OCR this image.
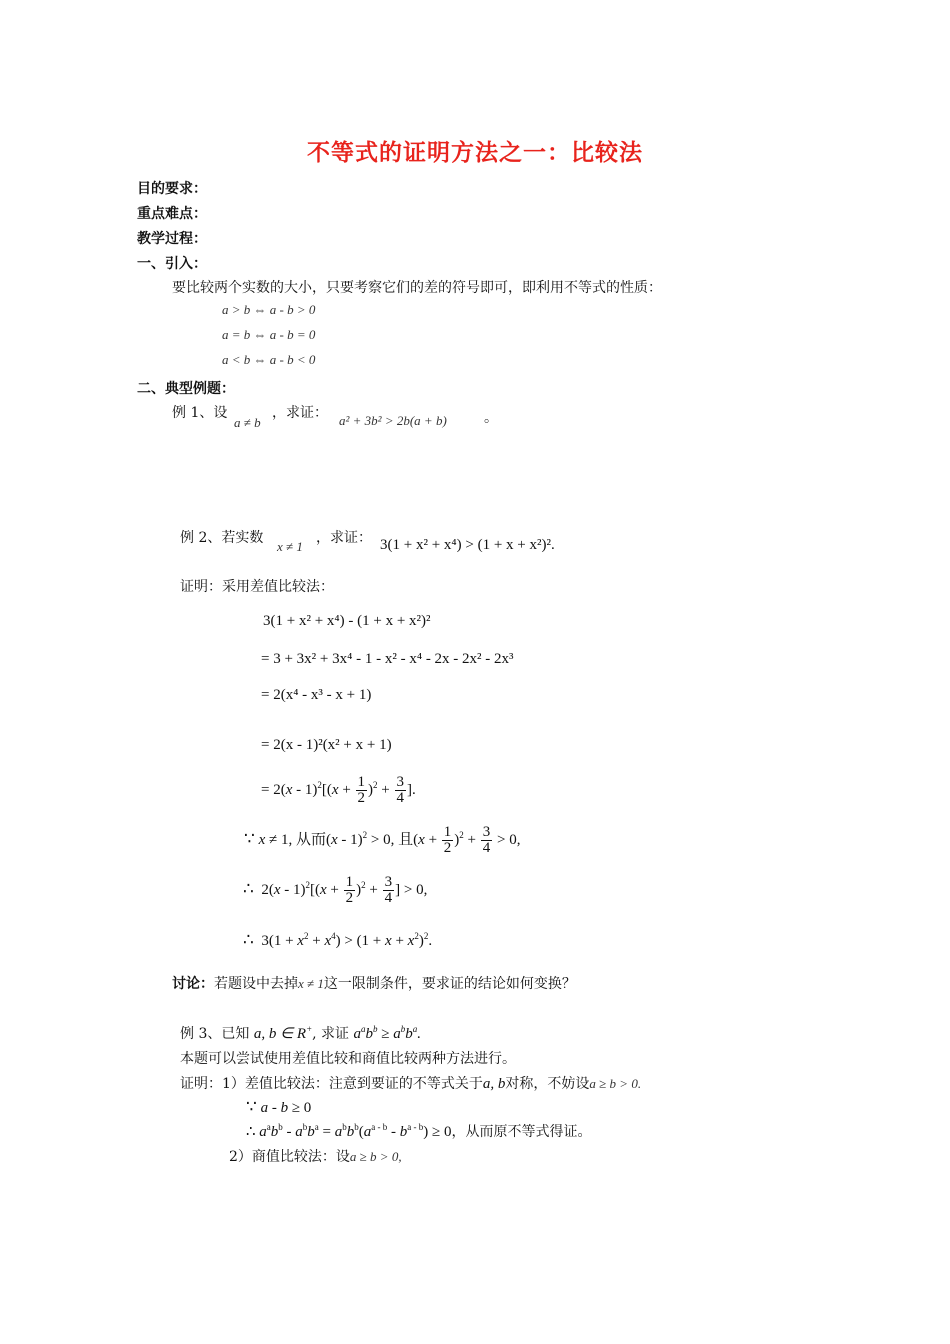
不等式的证明方法之一：比较法
目的要求：
重点难点：
教学过程：
一、引入：
要比较两个实数的大小，只要考察它们的差的符号即可，即利用不等式的性质：
a > b ⇔ a - b > 0
a = b ⇔ a - b = 0
a < b ⇔ a - b < 0
二、典型例题：
例 1、设
a ≠ b
，求证： a² + 3b² > 2b(a + b)	。
例 2、若实数
x ≠ 1
，求证： 3(1 + x² + x⁴) > (1 + x + x²)².
证明：采用差值比较法：
3(1 + x² + x⁴) - (1 + x + x²)²
= 3 + 3x² + 3x⁴ - 1 - x² - x⁴ - 2x - 2x² - 2x³
= 2(x⁴ - x³ - x + 1)
= 2(x - 1)²(x² + x + 1)
= $2(x - 1)^2[(x + \frac{1}{2} )^2 + \frac{3}{4}$ ].
∵ x ≠ 1, 从而(x - 1)$^2$ > 0, 且$(x + \frac{1}{2} )^2 + \frac{3}{4} > 0$,
∴  $2(x - 1)^2[(x + \frac{1}{2} )^2 + \frac{3}{4}$ ] > 0,
∴  $3(1 + x^2 + x^4) > (1 + x + x^2)^2$.
讨论：若题设中去掉x ≠ 1这一限制条件，要求证的结论如何变换？
例 3、已知 a, b ∈ R+, 求证 $a^ab^b \ge a^bb^a$.
本题可以尝试使用差值比较和商值比较两种方法进行。
证明：1）差值比较法：注意到要证的不等式关于a, b对称，不妨设a ≥ b > 0.
∵ a - b ≥ 0
∴ $a^ab^b - a^bb^a = a^bb^b(a^{a - b} - b^{a - b}) \ge 0$，从而原不等式得证。
2）商值比较法：设a ≥ b > 0,
